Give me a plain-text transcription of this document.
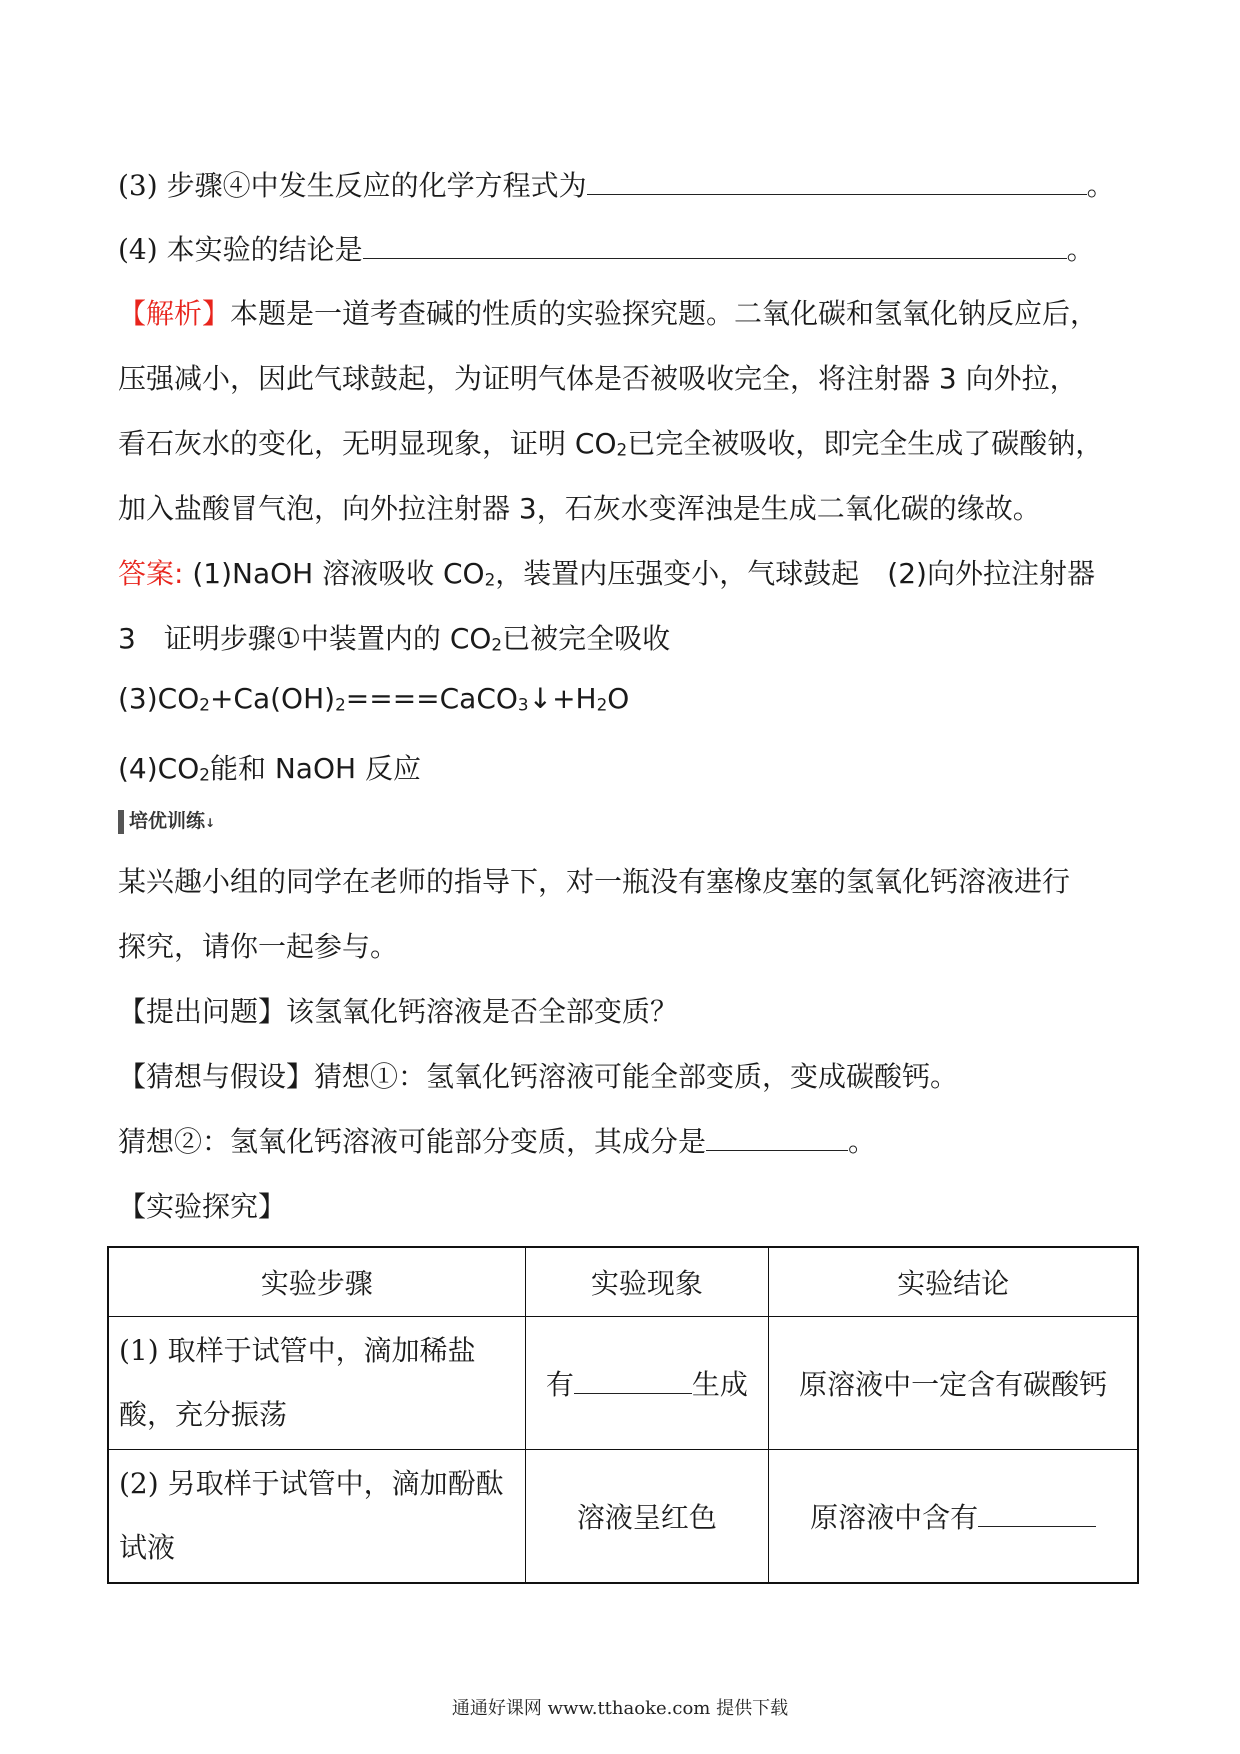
(3) 步骤④中发生反应的化学方程式为	。
(4) 本实验的结论是	。
【解析】本题是一道考查碱的性质的实验探究题。二氧化碳和氢氧化钠反应后，
压强减小，因此气球鼓起，为证明气体是否被吸收完全，将注射器 3 向外拉，
看石灰水的变化，无明显现象，证明 $CO_2$已完全被吸收，即完全生成了碳酸钠，
加入盐酸冒气泡，向外拉注射器 3，石灰水变浑浊是生成二氧化碳的缘故。
答案: (1)NaOH 溶液吸收 $CO_2$，装置内压强变小，气球鼓起　(2)向外拉注射器
3　证明步骤①中装置内的 $CO_2$已被完全吸收
$(3)CO_2+Ca(OH)_2====CaCO_3↓+H_2O$
$(4)CO_2$能和 NaOH 反应
培优训练↓
某兴趣小组的同学在老师的指导下，对一瓶没有塞橡皮塞的氢氧化钙溶液进行
探究，请你一起参与。
【提出问题】该氢氧化钙溶液是否全部变质？
【猜想与假设】猜想①：氢氧化钙溶液可能全部变质，变成碳酸钙。
猜想②：氢氧化钙溶液可能部分变质，其成分是	。
【实验探究】
实验步骤	实验现象	实验结论
(1) 取样于试管中，滴加稀盐酸，充分振荡	有 生成	原溶液中一定含有碳酸钙
(2) 另取样于试管中，滴加酚酞试液	溶液呈红色	原溶液中含有
通通好课网 www.tthaoke.com 提供下载
